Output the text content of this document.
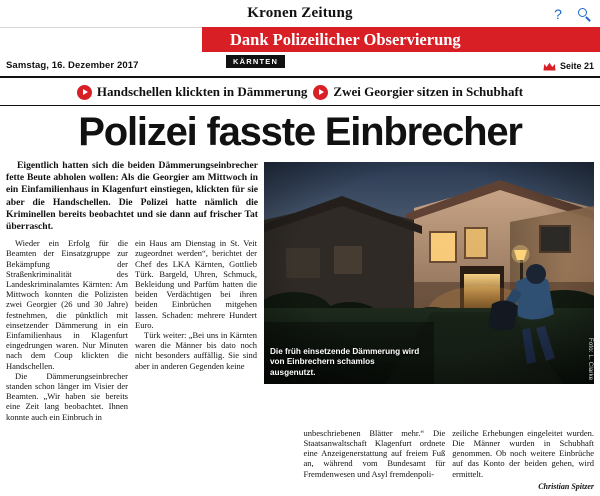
Kronen Zeitung	?
Dank Polizeilicher Observierung
Samstag, 16. Dezember 2017	KÄRNTEN	Seite 21
Handschellen klickten in Dämmerung Zwei Georgier sitzen in Schubhaft
Polizei fasste Einbrecher
Die früh einsetzende Dämmerung wird von Einbrechern schamlos ausgenutzt.	Foto: L. Clarke

Eigentlich hatten sich die beiden Dämmerungseinbrecher fette Beute abholen wollen: Als die Georgier am Mittwoch in ein Einfamilienhaus in Klagenfurt einstiegen, klickten für sie aber die Handschellen. Die Polizei hatte nämlich die Kriminellen bereits beobachtet und sie dann auf frischer Tat überrascht.

Wieder ein Erfolg für die Beamten der Einsatzgruppe zur Bekämpfung der Straßenkriminalität des Landeskriminalamtes Kärnten: Am Mittwoch konnten die Polizisten zwei Georgier (26 und 30 Jahre) festnehmen, die pünktlich mit einsetzender Dämmerung in ein Einfamilienhaus in Klagenfurt eingedrungen waren. Nur Minuten nach dem Coup klickten die Handschellen.

Die Dämmerungseinbrecher standen schon länger im Visier der Beamten. „Wir haben sie bereits eine Zeit lang beobachtet. Ihnen konnte auch ein Einbruch in

ein Haus am Dienstag in St. Veit zugeordnet werden“, berichtet der Chef des LKA Kärnten, Gottlieb Türk. Bargeld, Uhren, Schmuck, Bekleidung und Parfüm hatten die beiden Verdächtigen bei ihren beiden Einbrüchen mitgehen lassen. Schaden: mehrere Hundert Euro.

Türk weiter: „Bei uns in Kärnten waren die Männer bis dato noch nicht besonders auffällig. Sie sind aber in anderen Gegenden keine

unbeschriebenen Blätter mehr.“ Die Staatsanwaltschaft Klagenfurt ordnete eine Anzeigenerstattung auf freiem Fuß an, während vom Bundesamt für Fremdenwesen und Asyl fremdenpoli-

zeiliche Erhebungen eingeleitet wurden. Die Männer wurden in Schubhaft genommen. Ob noch weitere Einbrüche auf das Konto der beiden gehen, wird ermittelt.

Christian Spitzer
